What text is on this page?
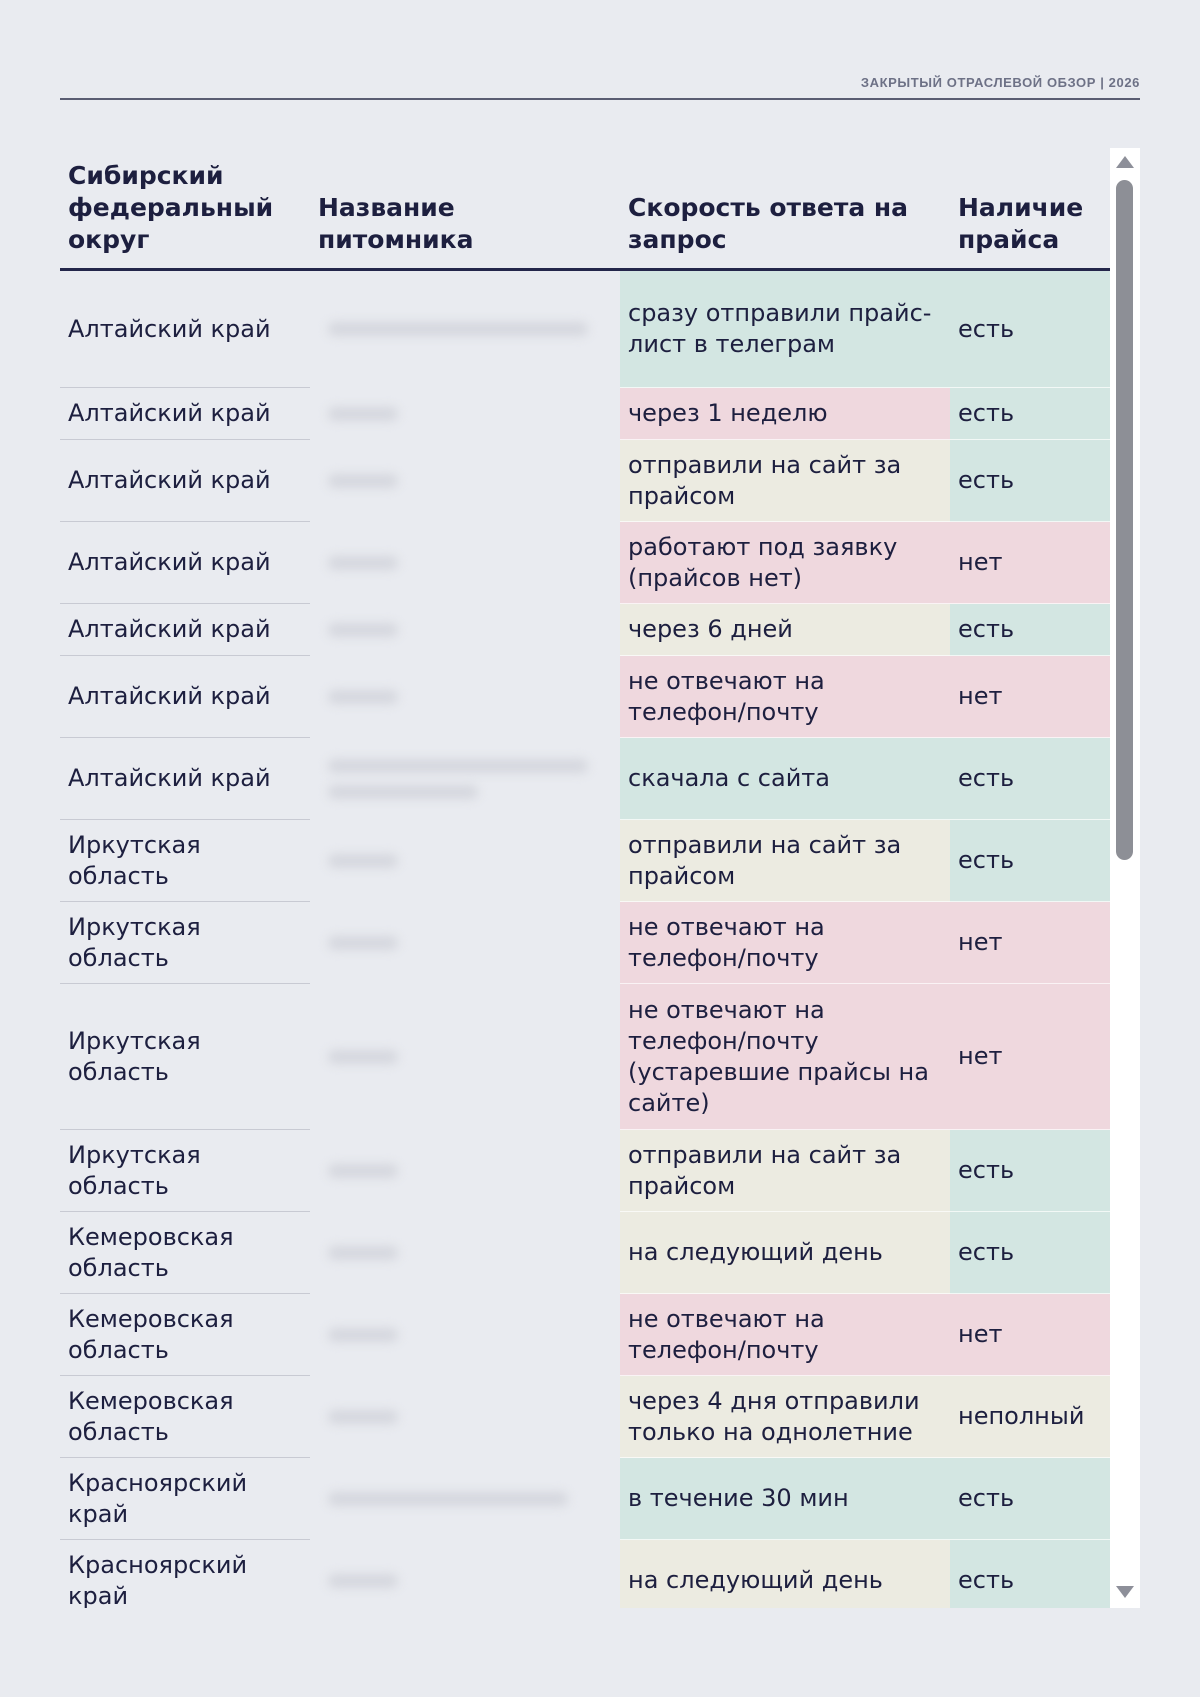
ЗАКРЫТЫЙ ОТРАСЛЕВОЙ ОБЗОР | 2026
Сибирский федеральный округ	Название питомника	Скорость ответа на запрос	Наличие прайса
Алтайский край		сразу отправили прайс-лист в телеграм	есть
Алтайский край		через 1 неделю	есть
Алтайский край		отправили на сайт за прайсом	есть
Алтайский край		работают под заявку (прайсов нет)	нет
Алтайский край		через 6 дней	есть
Алтайский край		не отвечают на телефон/почту	нет
Алтайский край		скачала с сайта	есть
Иркутская область		отправили на сайт за прайсом	есть
Иркутская область		не отвечают на телефон/почту	нет
Иркутская область		не отвечают на телефон/почту (устаревшие прайсы на сайте)	нет
Иркутская область		отправили на сайт за прайсом	есть
Кемеровская область		на следующий день	есть
Кемеровская область		не отвечают на телефон/почту	нет
Кемеровская область		через 4 дня отправили только на однолетние	неполный
Красноярский край		в течение 30 мин	есть
Красноярский край		на следующий день	есть
